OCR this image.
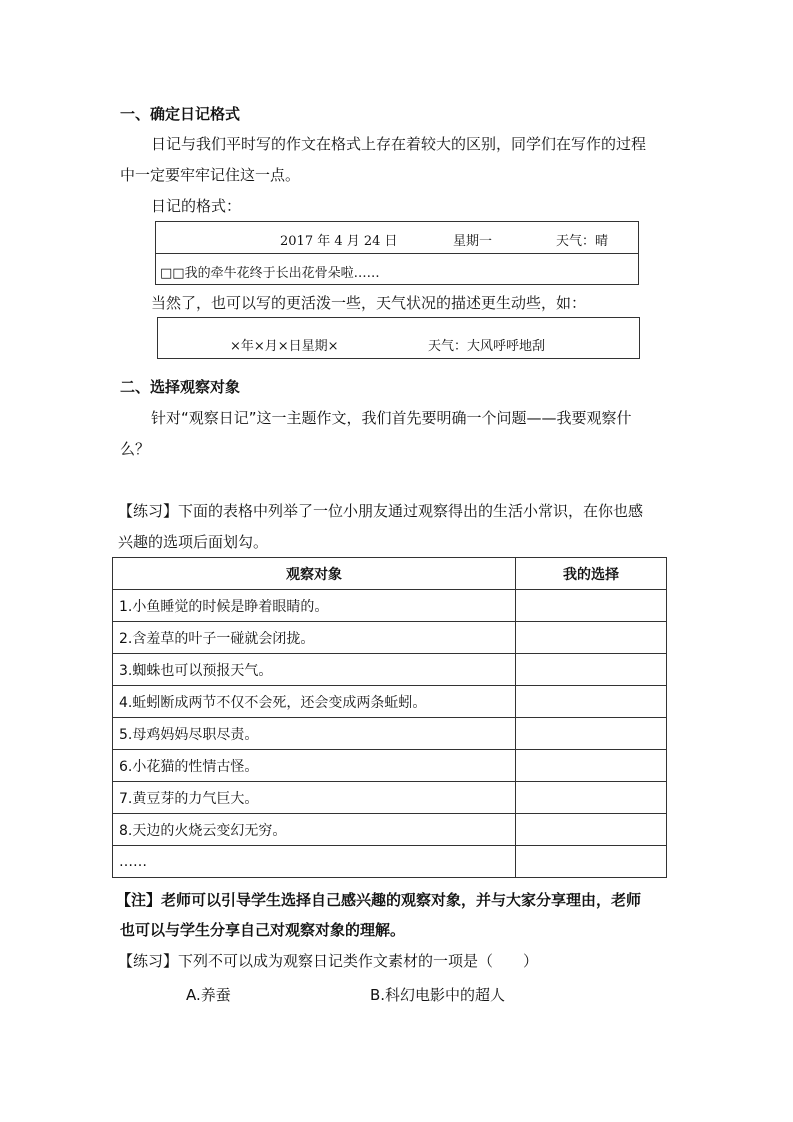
一、确定日记格式
日记与我们平时写的作文在格式上存在着较大的区别，同学们在写作的过程
中一定要牢牢记住这一点。
日记的格式：
2017 年 4 月 24 日	星期一	天气：晴
□□我的牵牛花终于长出花骨朵啦……
当然了，也可以写的更活泼一些，天气状况的描述更生动些，如：
×年×月×日星期×	天气：大风呼呼地刮
二、选择观察对象
针对“观察日记”这一主题作文，我们首先要明确一个问题——我要观察什
么？
【练习】下面的表格中列举了一位小朋友通过观察得出的生活小常识，在你也感
兴趣的选项后面划勾。
观察对象	我的选择
1.小鱼睡觉的时候是睁着眼睛的。	
2.含羞草的叶子一碰就会闭拢。	
3.蜘蛛也可以预报天气。	
4.蚯蚓断成两节不仅不会死，还会变成两条蚯蚓。	
5.母鸡妈妈尽职尽责。	
6.小花猫的性情古怪。	
7.黄豆芽的力气巨大。	
8.天边的火烧云变幻无穷。	
……	
【注】老师可以引导学生选择自己感兴趣的观察对象，并与大家分享理由，老师
也可以与学生分享自己对观察对象的理解。
【练习】下列不可以成为观察日记类作文素材的一项是（　　）
A.养蚕	B.科幻电影中的超人
